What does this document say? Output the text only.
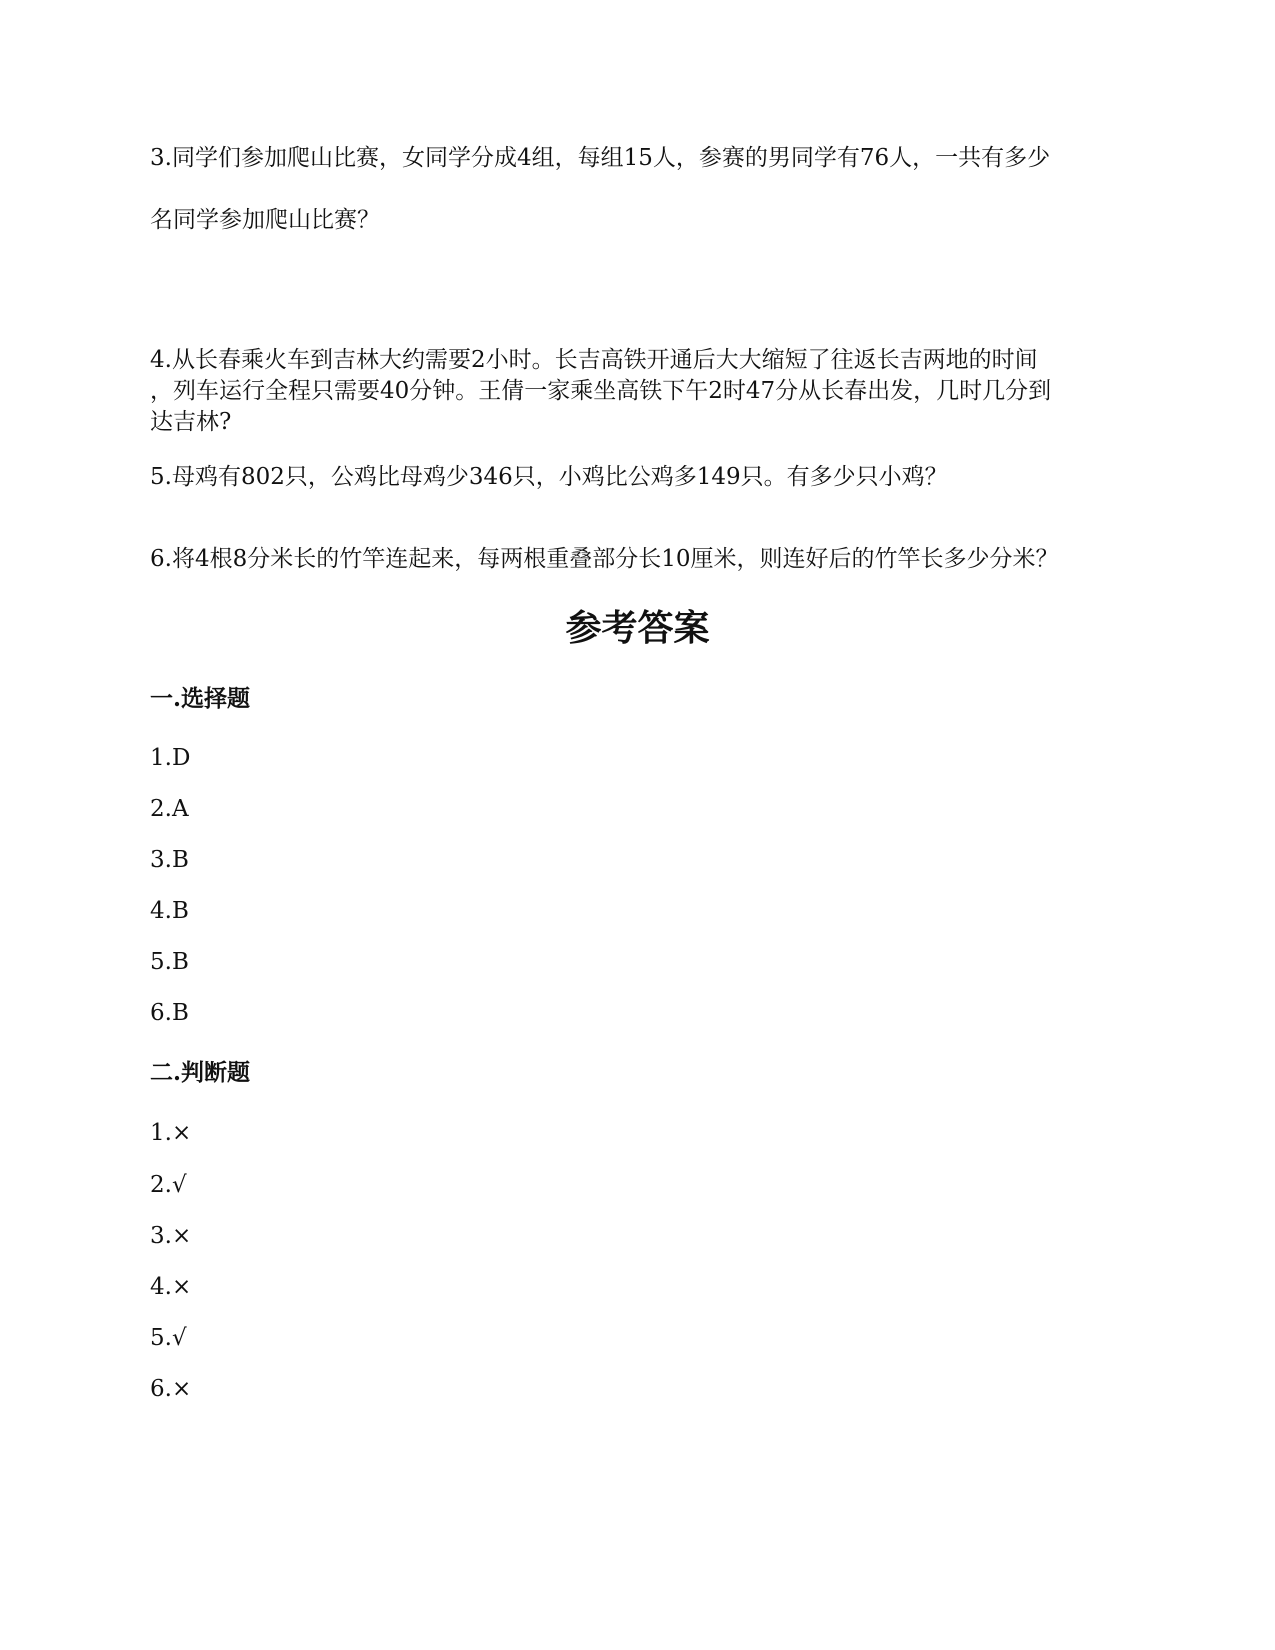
3.同学们参加爬山比赛，女同学分成4组，每组15人，参赛的男同学有76人，一共有多少
名同学参加爬山比赛？
4.从长春乘火车到吉林大约需要2小时。长吉高铁开通后大大缩短了往返长吉两地的时间
，列车运行全程只需要40分钟。王倩一家乘坐高铁下午2时47分从长春出发，几时几分到
达吉林?
5.母鸡有802只，公鸡比母鸡少346只，小鸡比公鸡多149只。有多少只小鸡？
6.将4根8分米长的竹竿连起来，每两根重叠部分长10厘米，则连好后的竹竿长多少分米？
参考答案
一.选择题
1.D
2.A
3.B
4.B
5.B
6.B
二.判断题
1.×
2.√
3.×
4.×
5.√
6.×
